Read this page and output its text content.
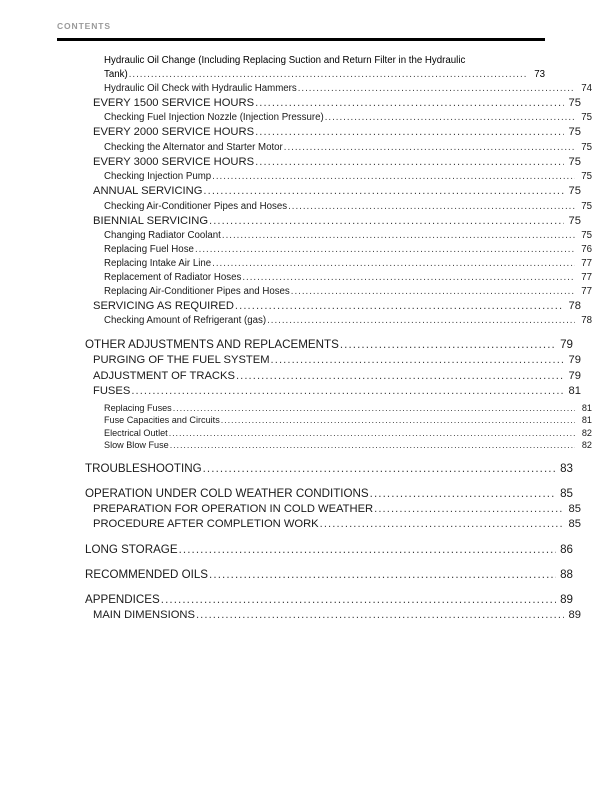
CONTENTS
Hydraulic Oil Change (Including Replacing Suction and Return Filter in the Hydraulic
Tank) .....	73
Hydraulic Oil Check with Hydraulic Hammers .....	74
EVERY 1500 SERVICE HOURS .....	75
Checking Fuel Injection Nozzle (Injection Pressure) .....	75
EVERY 2000 SERVICE HOURS .....	75
Checking the Alternator and Starter Motor .....	75
EVERY 3000 SERVICE HOURS .....	75
Checking Injection Pump .....	75
ANNUAL SERVICING .....	75
Checking Air-Conditioner Pipes and Hoses .....	75
BIENNIAL SERVICING .....	75
Changing Radiator Coolant .....	75
Replacing Fuel Hose .....	76
Replacing Intake Air Line .....	77
Replacement of Radiator Hoses .....	77
Replacing Air-Conditioner Pipes and Hoses .....	77
SERVICING AS REQUIRED .....	78
Checking Amount of Refrigerant (gas) .....	78
OTHER ADJUSTMENTS AND REPLACEMENTS .....	79
PURGING OF THE FUEL SYSTEM .....	79
ADJUSTMENT OF TRACKS .....	79
FUSES .....	81
Replacing Fuses .....	81
Fuse Capacities and Circuits .....	81
Electrical Outlet .....	82
Slow Blow Fuse .....	82
TROUBLESHOOTING .....	83
OPERATION UNDER COLD WEATHER CONDITIONS .....	85
PREPARATION FOR OPERATION IN COLD WEATHER .....	85
PROCEDURE AFTER COMPLETION WORK .....	85
LONG STORAGE .....	86
RECOMMENDED OILS .....	88
APPENDICES .....	89
MAIN DIMENSIONS .....	89
